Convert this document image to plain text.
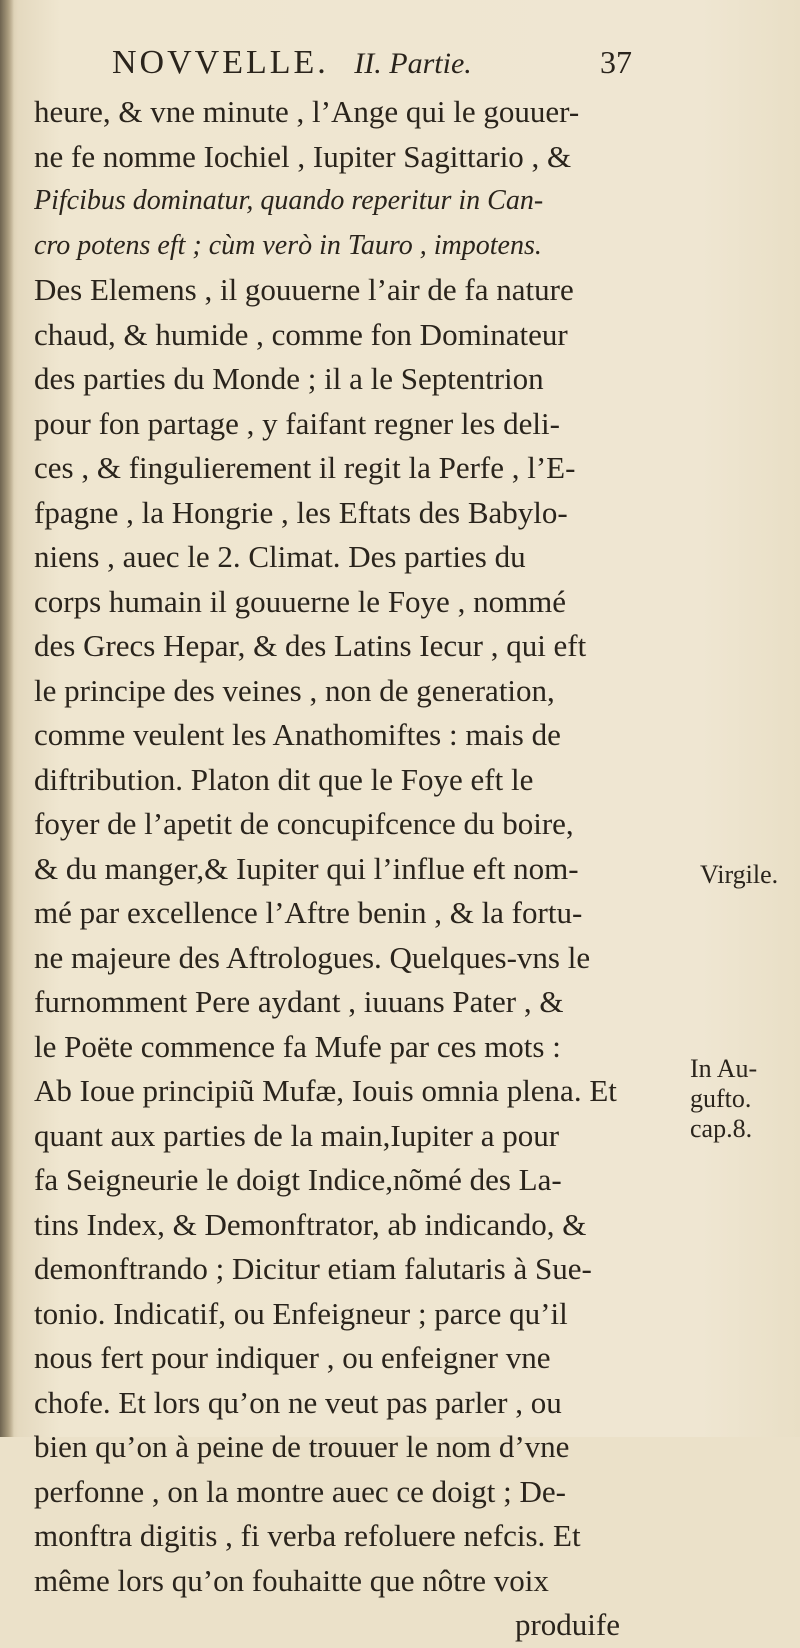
NOVVELLE. II. Partie.	37
heure, & vne minute , l’Ange qui le gouuer-
ne fe nomme Iochiel , Iupiter Sagittario , &
Pifcibus dominatur, quando reperitur in Can-
cro potens eft ; cùm verò in Tauro , impotens.
Des Elemens , il gouuerne l’air de fa nature
chaud, & humide , comme fon Dominateur
des parties du Monde ; il a le Septentrion
pour fon partage , y faifant regner les deli-
ces , & fingulierement il regit la Perfe , l’E-
fpagne , la Hongrie , les Eftats des Babylo-
niens , auec le 2. Climat. Des parties du
corps humain il gouuerne le Foye , nommé
des Grecs Hepar, & des Latins Iecur , qui eft
le principe des veines , non de generation,
comme veulent les Anathomiftes : mais de
diftribution. Platon dit que le Foye eft le
foyer de l’apetit de concupifcence du boire,
& du manger,& Iupiter qui l’influe eft nom-
mé par excellence l’Aftre benin , & la fortu-
ne majeure des Aftrologues. Quelques-vns le
furnomment Pere aydant , iuuans Pater , &
le Poëte commence fa Mufe par ces mots :
Ab Ioue principiũ Mufæ, Iouis omnia plena. Et
quant aux parties de la main,Iupiter a pour
fa Seigneurie le doigt Indice,nõmé des La-
tins Index, & Demonftrator, ab indicando, &
demonftrando ; Dicitur etiam falutaris à Sue-
tonio. Indicatif, ou Enfeigneur ; parce qu’il
nous fert pour indiquer , ou enfeigner vne
chofe. Et lors qu’on ne veut pas parler , ou
bien qu’on à peine de trouuer le nom d’vne
perfonne , on la montre auec ce doigt ; De-
monftra digitis , fi verba refoluere nefcis. Et
même lors qu’on fouhaitte que nôtre voix
produife
Virgile.
In Au-
gufto.
cap.8.
